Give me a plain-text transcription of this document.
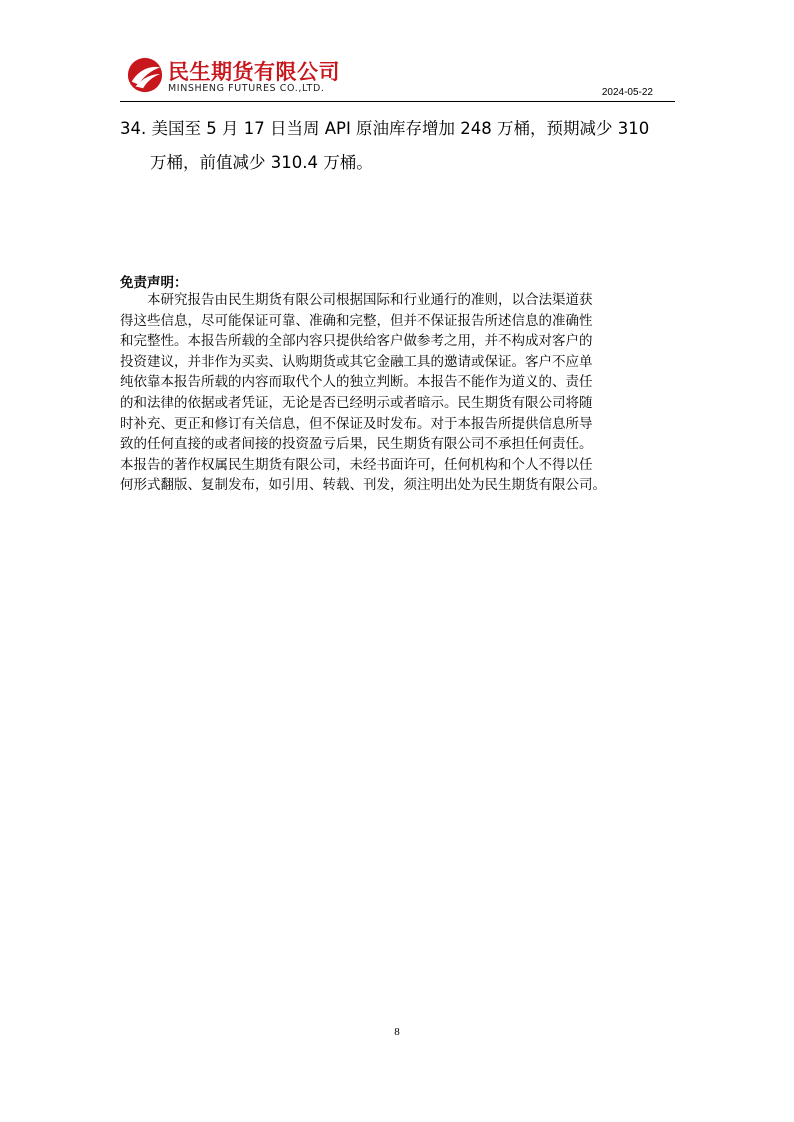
民生期货有限公司
MINSHENG FUTURES CO.,LTD.	2024-05-22
34. 美国至 5 月 17 日当周 API 原油库存增加 248 万桶，预期减少 310
万桶，前值减少 310.4 万桶。
免责声明：
　　本研究报告由民生期货有限公司根据国际和行业通行的准则，以合法渠道获
得这些信息，尽可能保证可靠、准确和完整，但并不保证报告所述信息的准确性
和完整性。本报告所载的全部内容只提供给客户做参考之用，并不构成对客户的
投资建议，并非作为买卖、认购期货或其它金融工具的邀请或保证。客户不应单
纯依靠本报告所载的内容而取代个人的独立判断。本报告不能作为道义的、责任
的和法律的依据或者凭证，无论是否已经明示或者暗示。民生期货有限公司将随
时补充、更正和修订有关信息，但不保证及时发布。对于本报告所提供信息所导
致的任何直接的或者间接的投资盈亏后果，民生期货有限公司不承担任何责任。
本报告的著作权属民生期货有限公司，未经书面许可，任何机构和个人不得以任
何形式翻版、复制发布，如引用、转载、刊发，须注明出处为民生期货有限公司。
8
